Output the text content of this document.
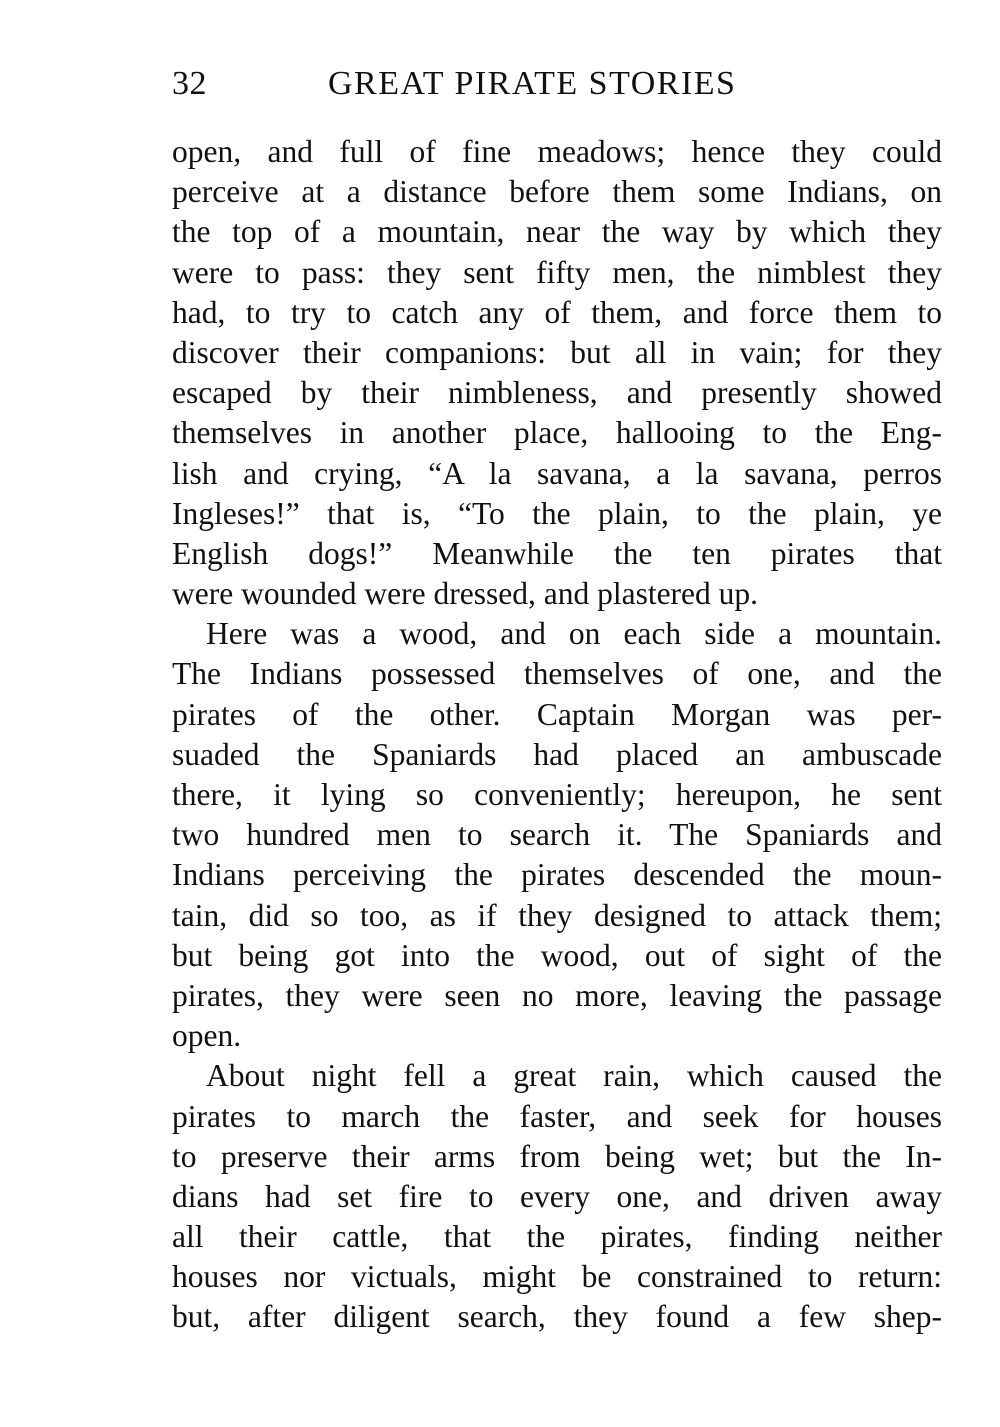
32	GREAT PIRATE STORIES
open, and full of fine meadows; hence they could
perceive at a distance before them some Indians, on
the top of a mountain, near the way by which they
were to pass: they sent fifty men, the nimblest they
had, to try to catch any of them, and force them to
discover their companions: but all in vain; for they
escaped by their nimbleness, and presently showed
themselves in another place, hallooing to the Eng-
lish and crying, “A la savana, a la savana, perros
Ingleses!” that is, “To the plain, to the plain, ye
English dogs!” Meanwhile the ten pirates that
were wounded were dressed, and plastered up.
Here was a wood, and on each side a mountain.
The Indians possessed themselves of one, and the
pirates of the other. Captain Morgan was per-
suaded the Spaniards had placed an ambuscade
there, it lying so conveniently; hereupon, he sent
two hundred men to search it. The Spaniards and
Indians perceiving the pirates descended the moun-
tain, did so too, as if they designed to attack them;
but being got into the wood, out of sight of the
pirates, they were seen no more, leaving the passage
open.
About night fell a great rain, which caused the
pirates to march the faster, and seek for houses
to preserve their arms from being wet; but the In-
dians had set fire to every one, and driven away
all their cattle, that the pirates, finding neither
houses nor victuals, might be constrained to return:
but, after diligent search, they found a few shep-
